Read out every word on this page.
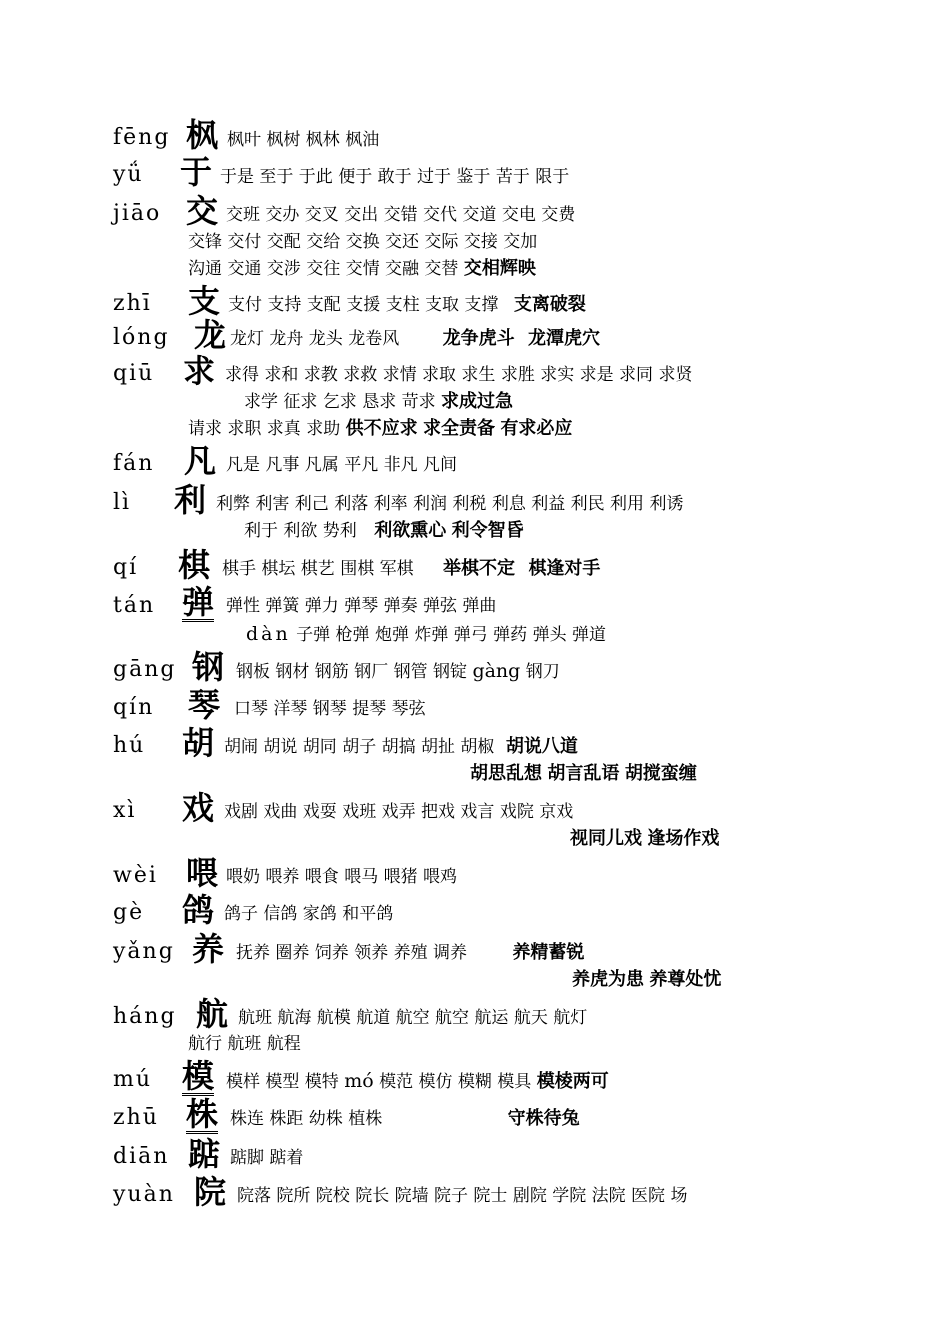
fēng 枫 枫叶 枫树 枫林 枫油
yǘ 于 于是 至于 于此 便于 敢于 过于 鉴于 苦于 限于
jiāo 交 交班 交办 交叉 交出 交错 交代 交道 交电 交费
交锋 交付 交配 交给 交换 交还 交际 交接 交加
沟通 交通 交涉 交往 交情 交融 交替 交相辉映
zhī 支 支付 支持 支配 支援 支柱 支取 支撑 支离破裂
lóng 龙 龙灯 龙舟 龙头 龙卷风 龙争虎斗 龙潭虎穴
qiū 求 求得 求和 求教 求救 求情 求取 求生 求胜 求实 求是 求同 求贤
求学 征求 乞求 恳求 苛求 求成过急
请求 求职 求真 求助 供不应求 求全责备 有求必应
fán 凡 凡是 凡事 凡属 平凡 非凡 凡间
lì 利 利弊 利害 利己 利落 利率 利润 利税 利息 利益 利民 利用 利诱
利于 利欲 势利 利欲熏心 利令智昏
qí 棋 棋手 棋坛 棋艺 围棋 军棋 举棋不定 棋逢对手
tán 弹 弹性 弹簧 弹力 弹琴 弹奏 弹弦 弹曲
dàn 子弹 枪弹 炮弹 炸弹 弹弓 弹药 弹头 弹道
gāng 钢 钢板 钢材 钢筋 钢厂 钢管 钢锭 gàng 钢刀
qín 琴 口琴 洋琴 钢琴 提琴 琴弦
hú 胡 胡闹 胡说 胡同 胡子 胡搞 胡扯 胡椒 胡说八道
胡思乱想 胡言乱语 胡搅蛮缠
xì 戏 戏剧 戏曲 戏耍 戏班 戏弄 把戏 戏言 戏院 京戏
视同儿戏 逢场作戏
wèi 喂 喂奶 喂养 喂食 喂马 喂猪 喂鸡
gè 鸽 鸽子 信鸽 家鸽 和平鸽
yǎng 养 抚养 圈养 饲养 领养 养殖 调养	养精蓄锐
养虎为患 养尊处忧
háng 航 航班 航海 航模 航道 航空 航空 航运 航天 航灯
航行 航班 航程
mú 模 模样 模型 模特 mó 模范 模仿 模糊 模具 模棱两可
zhū 株 株连 株距 幼株 植株	守株待兔
diān 踮 踮脚 踮着
yuàn 院 院落 院所 院校 院长 院墙 院子 院士 剧院 学院 法院 医院 场
